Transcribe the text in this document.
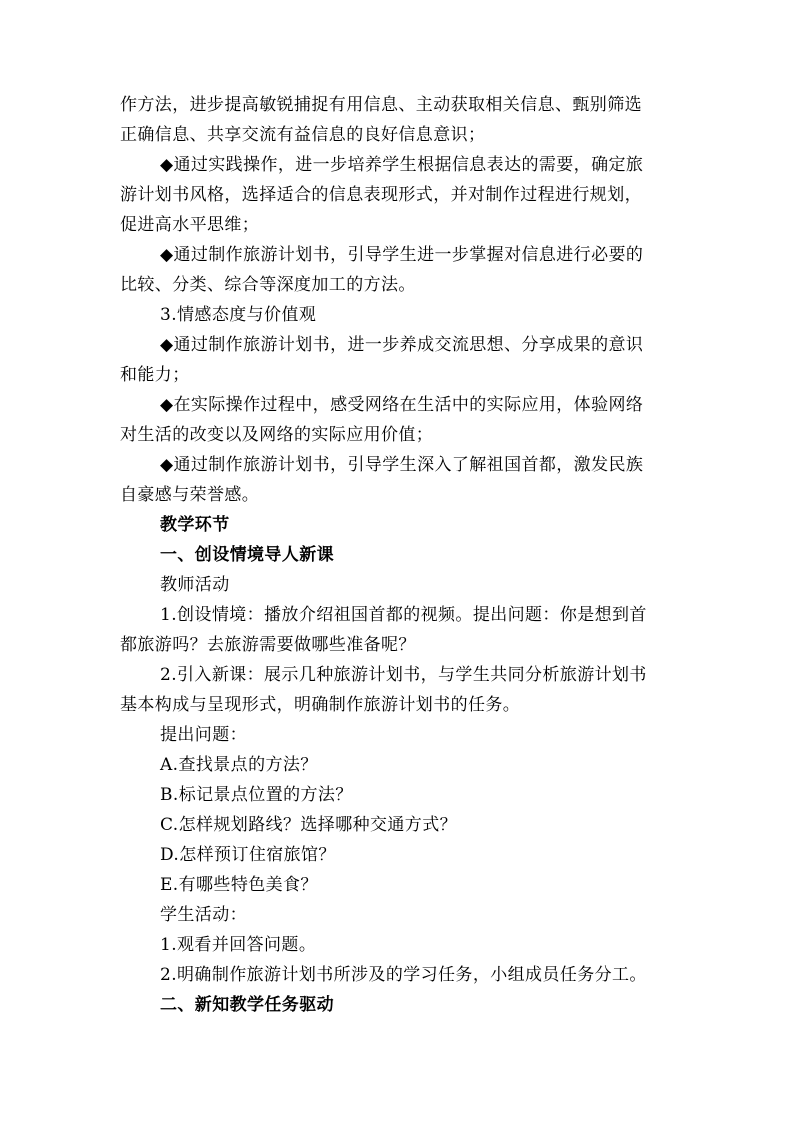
作方法，进步提高敏锐捕捉有用信息、主动获取相关信息、甄别筛选
正确信息、共享交流有益信息的良好信息意识；
◆通过实践操作，进一步培养学生根据信息表达的需要，确定旅
游计划书风格，选择适合的信息表现形式，并对制作过程进行规划，
促进高水平思维；
◆通过制作旅游计划书，引导学生进一步掌握对信息进行必要的
比较、分类、综合等深度加工的方法。
3.情感态度与价值观
◆通过制作旅游计划书，进一步养成交流思想、分享成果的意识
和能力；
◆在实际操作过程中，感受网络在生活中的实际应用，体验网络
对生活的改变以及网络的实际应用价值；
◆通过制作旅游计划书，引导学生深入了解祖国首都，激发民族
自豪感与荣誉感。
教学环节
一、创设情境导人新课
教师活动
1.创设情境：播放介绍祖国首都的视频。提出问题：你是想到首
都旅游吗？去旅游需要做哪些准备呢？
2.引入新课：展示几种旅游计划书，与学生共同分析旅游计划书
基本构成与呈现形式，明确制作旅游计划书的任务。
提出问题：
A.查找景点的方法？
B.标记景点位置的方法？
C.怎样规划路线？选择哪种交通方式？
D.怎样预订住宿旅馆？
E.有哪些特色美食？
学生活动：
1.观看并回答问题。
2.明确制作旅游计划书所涉及的学习任务，小组成员任务分工。
二、新知教学任务驱动
